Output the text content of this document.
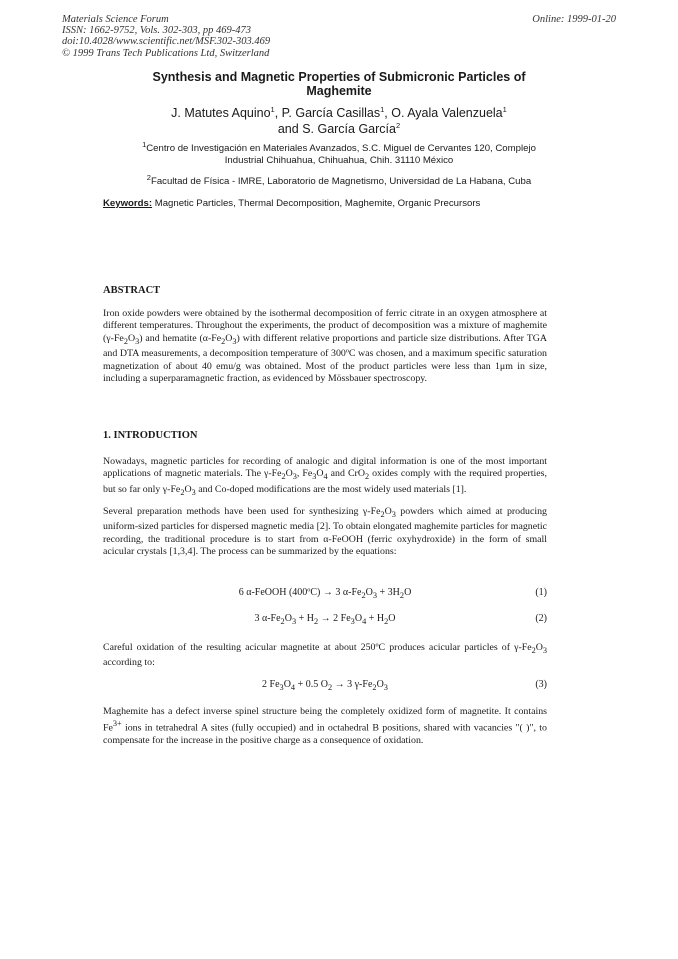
Materials Science Forum
ISSN: 1662-9752, Vols. 302-303, pp 469-473
doi:10.4028/www.scientific.net/MSF.302-303.469
© 1999 Trans Tech Publications Ltd, Switzerland
Online: 1999-01-20
Synthesis and Magnetic Properties of Submicronic Particles of
Maghemite
J. Matutes Aquino$^1$, P. García Casillas$^1$, O. Ayala Valenzuela$^1$
and S. García García$^2$
$^1$Centro de Investigación en Materiales Avanzados, S.C. Miguel de Cervantes 120, Complejo
Industrial Chihuahua, Chihuahua, Chih. 31110 México
$^2$Facultad de Física - IMRE, Laboratorio de Magnetismo, Universidad de La Habana, Cuba
Keywords: Magnetic Particles, Thermal Decomposition, Maghemite, Organic Precursors
ABSTRACT
Iron oxide powders were obtained by the isothermal decomposition of ferric citrate in an oxygen atmosphere at different temperatures. Throughout the experiments, the product of decomposition was a mixture of maghemite $(\gamma-Fe_2O_3)$ and hematite $(\alpha-Fe_2O_3)$ with different relative proportions and particle size distributions. After TGA and DTA measurements, a decomposition temperature of 300ºC was chosen, and a maximum specific saturation magnetization of about 40 emu/g was obtained. Most of the product particles were less than 1μm in size, including a superparamagnetic fraction, as evidenced by Mössbauer spectroscopy.
1. INTRODUCTION
Nowadays, magnetic particles for recording of analogic and digital information is one of the most important applications of magnetic materials. The $\gamma-Fe_2O_3$, $Fe_3O_4$ and CrO$_2$ oxides comply with the required properties, but so far only $\gamma-Fe_2O_3$ and Co-doped modifications are the most widely used materials [1].
Several preparation methods have been used for synthesizing $\gamma-Fe_2O_3$ powders which aimed at producing uniform-sized particles for dispersed magnetic media [2]. To obtain elongated maghemite particles for magnetic recording, the traditional procedure is to start from α-FeOOH (ferric oxyhydroxide) in the form of small acicular crystals [1,3,4]. The process can be summarized by the equations:
6 α-FeOOH (400ºC) → 3 $\alpha-Fe_2O_3 + 3H_2O$	(1)
3 $\alpha-Fe_2O_3 + H_2 \to 2$ $Fe_3O_4 + H_2O$	(2)
Careful oxidation of the resulting acicular magnetite at about 250ºC produces acicular particles of $\gamma-Fe_2O_3$ according to:
2 $Fe_3O_4 + 0.5$ $O_2 \to 3$ $\gamma-Fe_2O_3$	(3)
Maghemite has a defect inverse spinel structure being the completely oxidized form of magnetite. It contains $Fe^{3+}$ ions in tetrahedral A sites (fully occupied) and in octahedral B positions, shared with vacancies "( )", to compensate for the increase in the positive charge as a consequence of oxidation.
